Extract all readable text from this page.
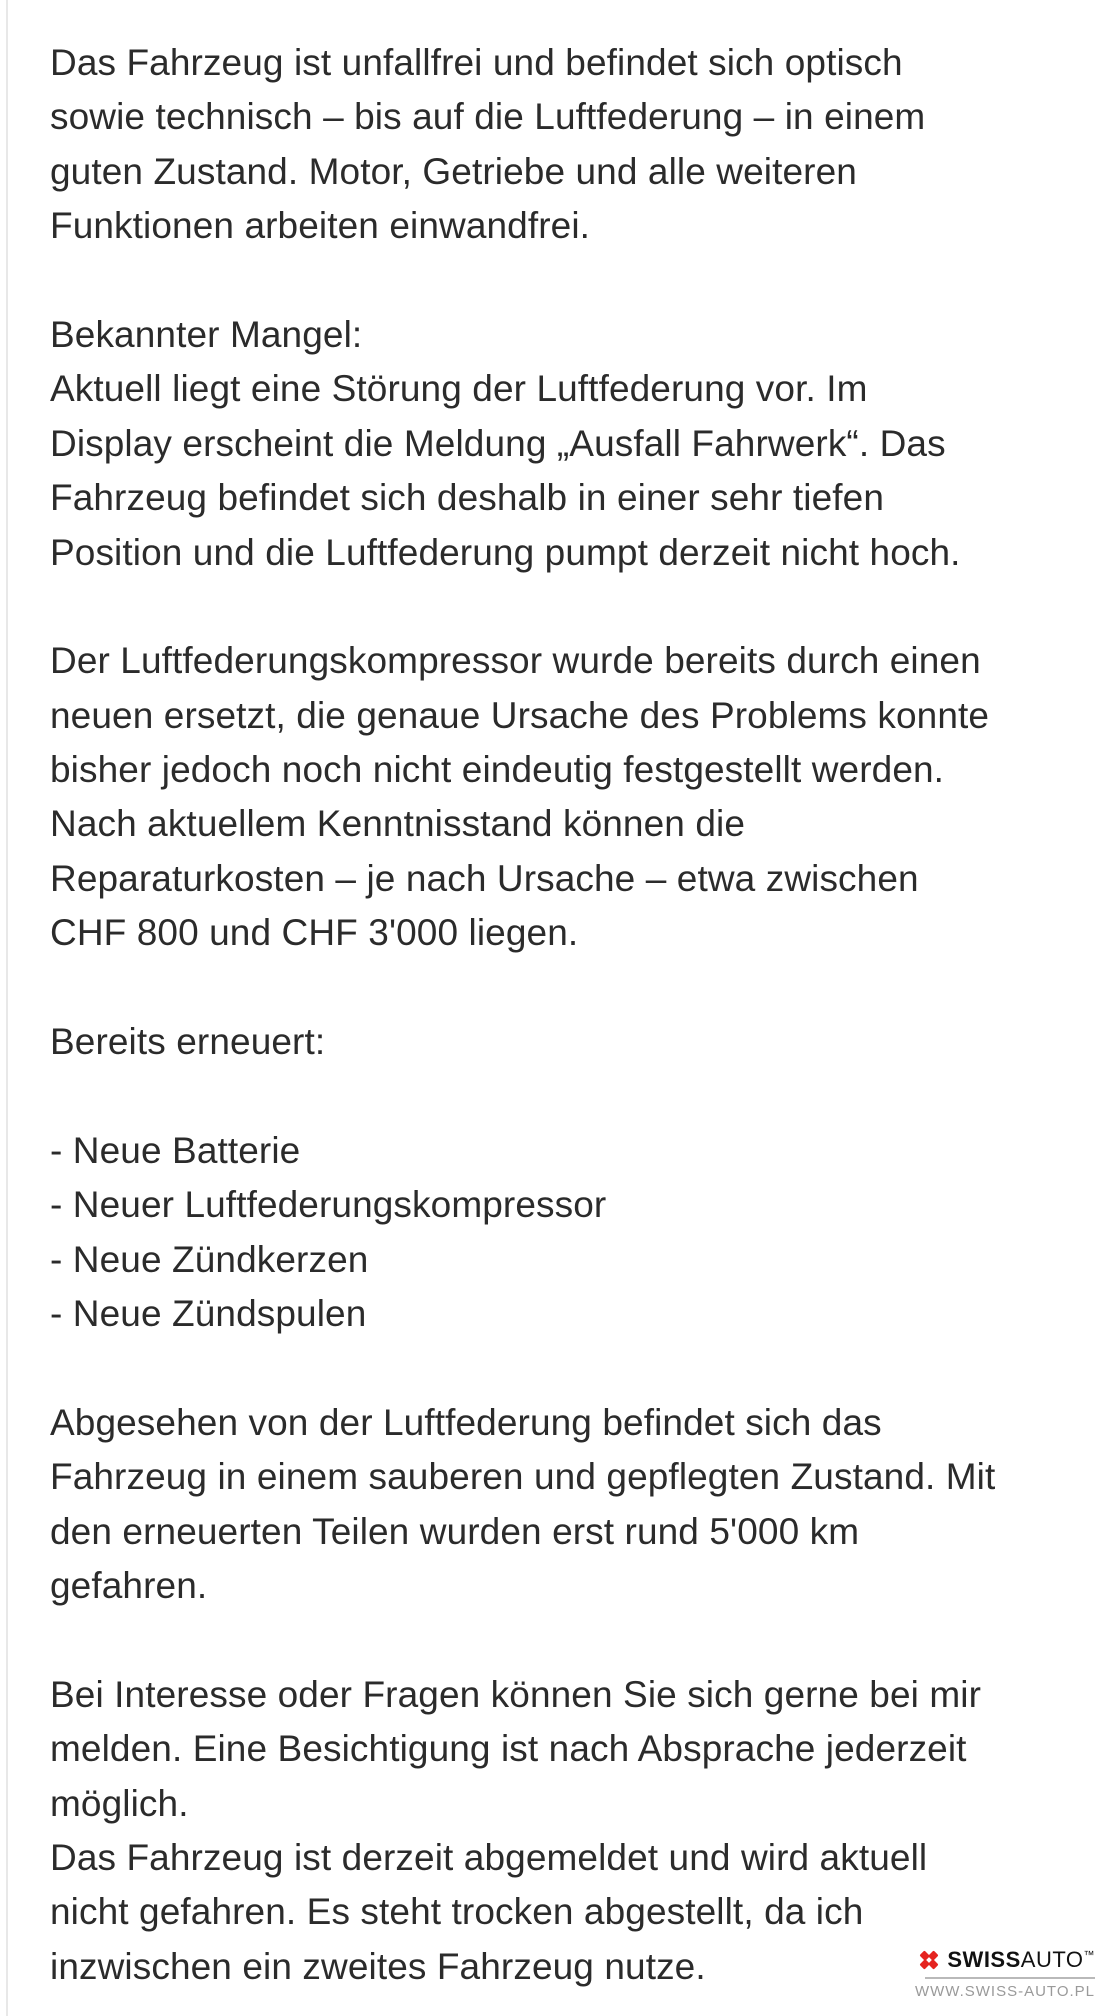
Das Fahrzeug ist unfallfrei und befindet sich optisch
sowie technisch – bis auf die Luftfederung – in einem
guten Zustand. Motor, Getriebe und alle weiteren
Funktionen arbeiten einwandfrei.
Bekannter Mangel:
Aktuell liegt eine Störung der Luftfederung vor. Im
Display erscheint die Meldung „Ausfall Fahrwerk“. Das
Fahrzeug befindet sich deshalb in einer sehr tiefen
Position und die Luftfederung pumpt derzeit nicht hoch.
Der Luftfederungskompressor wurde bereits durch einen
neuen ersetzt, die genaue Ursache des Problems konnte
bisher jedoch noch nicht eindeutig festgestellt werden.
Nach aktuellem Kenntnisstand können die
Reparaturkosten – je nach Ursache – etwa zwischen
CHF 800 und CHF 3'000 liegen.
Bereits erneuert:
- Neue Batterie
- Neuer Luftfederungskompressor
- Neue Zündkerzen
- Neue Zündspulen
Abgesehen von der Luftfederung befindet sich das
Fahrzeug in einem sauberen und gepflegten Zustand. Mit
den erneuerten Teilen wurden erst rund 5'000 km
gefahren.
Bei Interesse oder Fragen können Sie sich gerne bei mir
melden. Eine Besichtigung ist nach Absprache jederzeit
möglich.
Das Fahrzeug ist derzeit abgemeldet und wird aktuell
nicht gefahren. Es steht trocken abgestellt, da ich
inzwischen ein zweites Fahrzeug nutze.	SWISSAUTO™
WWW.SWISS-AUTO.PL
